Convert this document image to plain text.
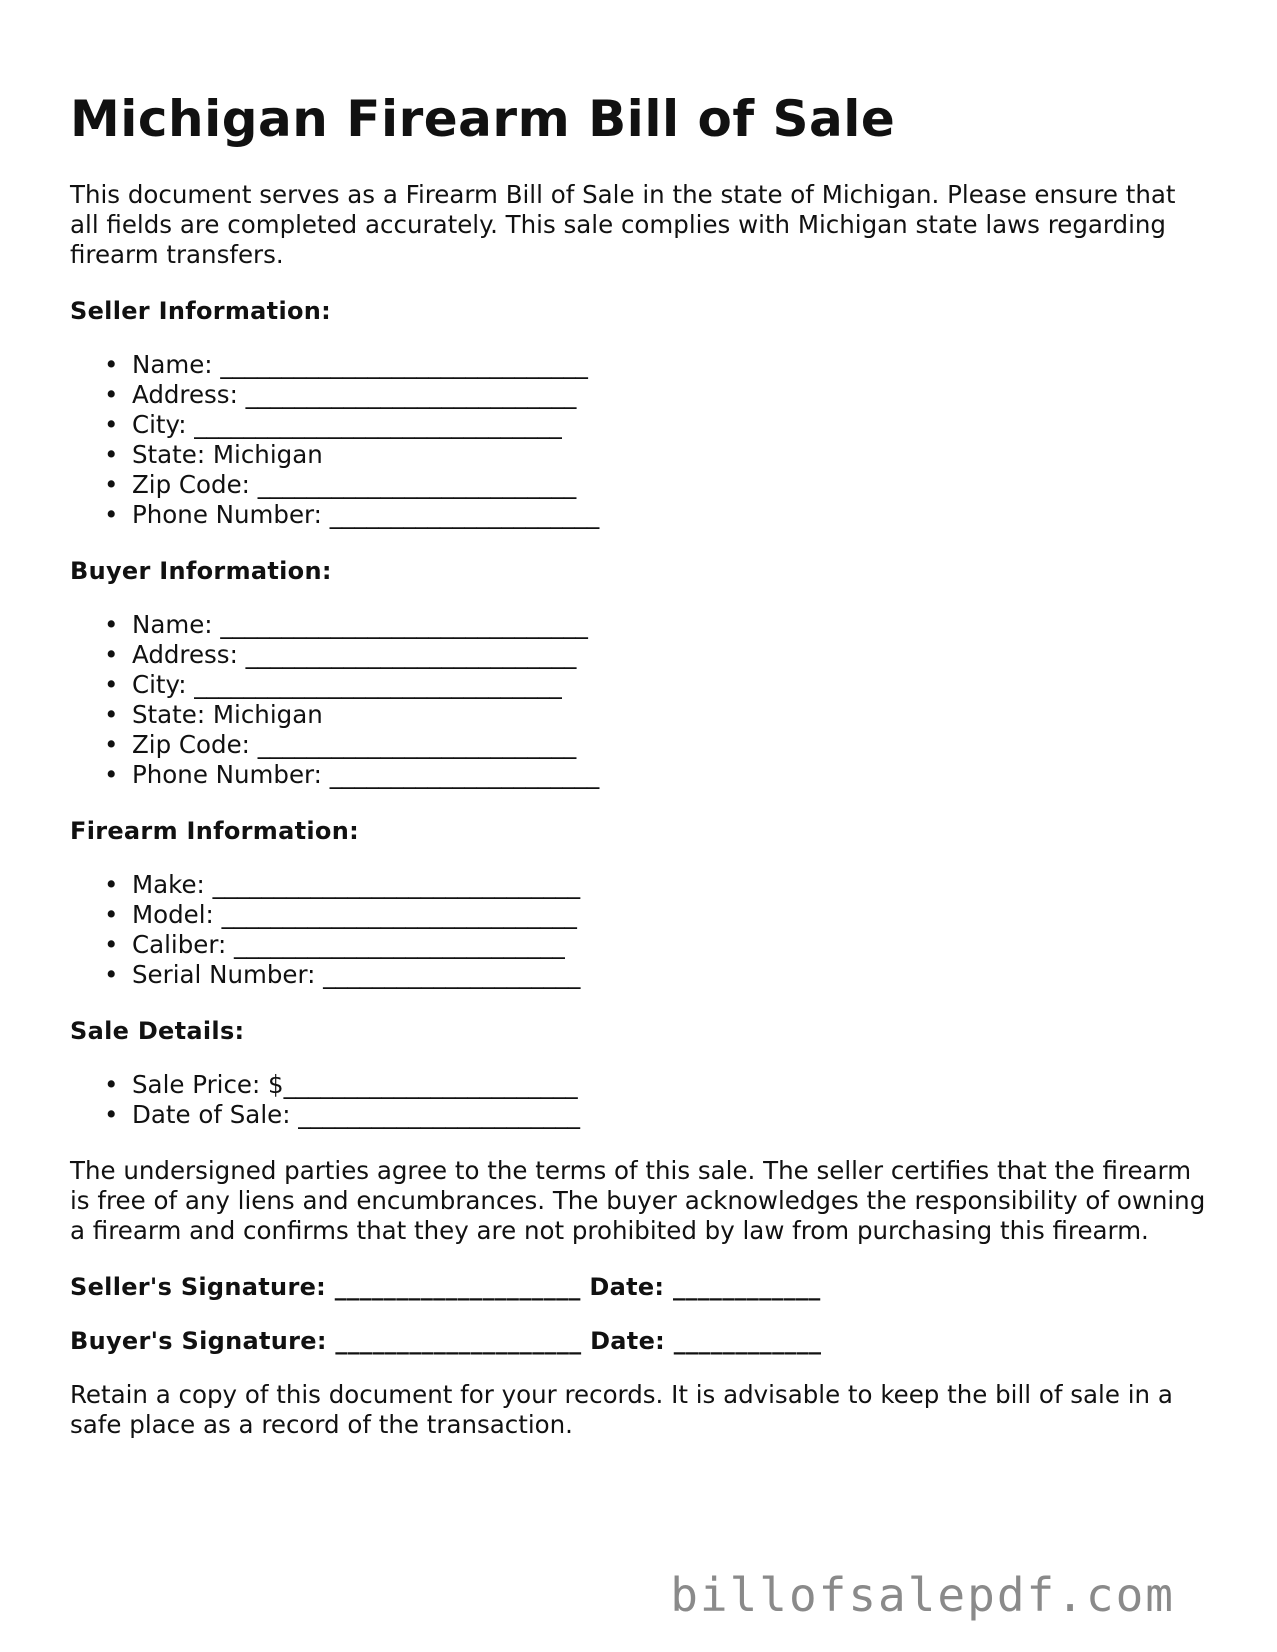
Michigan Firearm Bill of Sale

This document serves as a Firearm Bill of Sale in the state of Michigan. Please ensure that all fields are completed accurately. This sale complies with Michigan state laws regarding firearm transfers.

Seller Information:
• Name: ______________________________
• Address: ___________________________
• City: ______________________________
• State: Michigan
• Zip Code: __________________________
• Phone Number: ______________________
Buyer Information:
• Name: ______________________________
• Address: ___________________________
• City: ______________________________
• State: Michigan
• Zip Code: __________________________
• Phone Number: ______________________
Firearm Information:
• Make: ______________________________
• Model: _____________________________
• Caliber: ___________________________
• Serial Number: _____________________
Sale Details:
• Sale Price: $________________________
• Date of Sale: _______________________

The undersigned parties agree to the terms of this sale. The seller certifies that the firearm is free of any liens and encumbrances. The buyer acknowledges the responsibility of owning a firearm and confirms that they are not prohibited by law from purchasing this firearm.

Seller's Signature: ____________________ Date: ____________

Buyer's Signature: ____________________ Date: ____________

Retain a copy of this document for your records. It is advisable to keep the bill of sale in a safe place as a record of the transaction.

billofsalepdf.com
